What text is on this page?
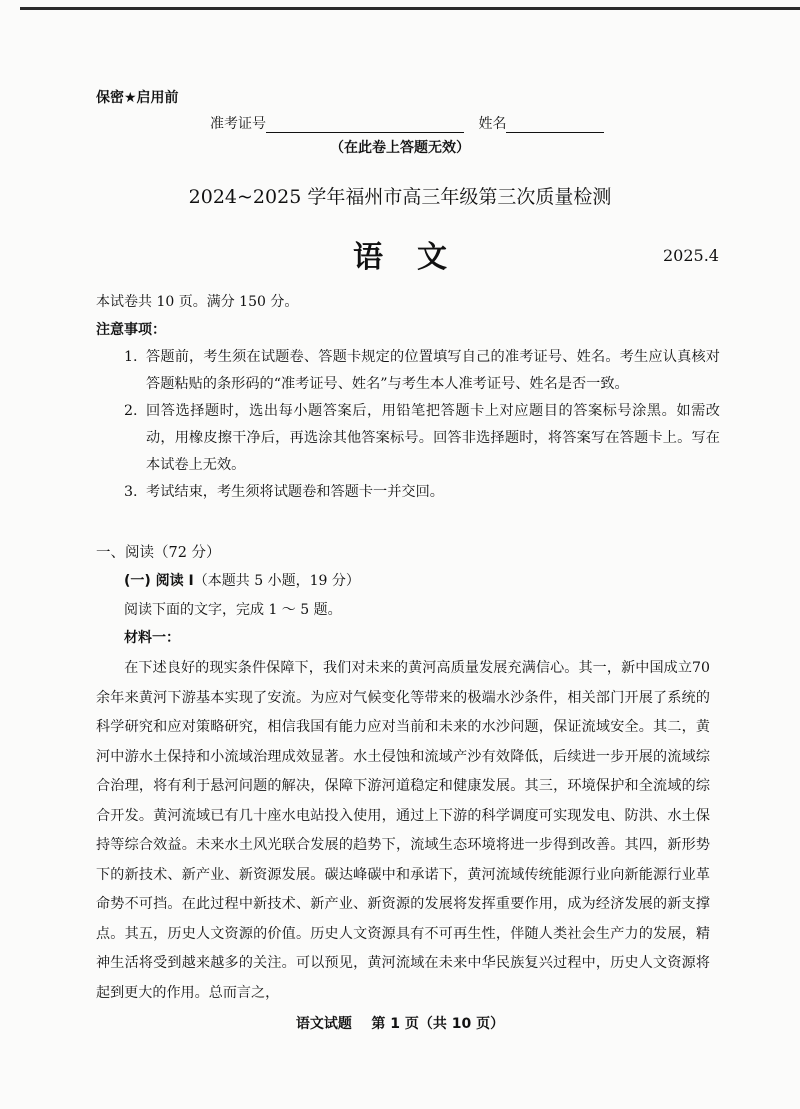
保密★启用前
准考证号	姓名
（在此卷上答题无效）
2024~2025 学年福州市高三年级第三次质量检测
语文	2025.4
本试卷共 10 页。满分 150 分。
注意事项：
1. 答题前，考生须在试题卷、答题卡规定的位置填写自己的准考证号、姓名。考生应认真核对答题粘贴的条形码的“准考证号、姓名”与考生本人准考证号、姓名是否一致。
2. 回答选择题时，选出每小题答案后，用铅笔把答题卡上对应题目的答案标号涂黑。如需改动，用橡皮擦干净后，再选涂其他答案标号。回答非选择题时，将答案写在答题卡上。写在本试卷上无效。
3. 考试结束，考生须将试题卷和答题卡一并交回。
一、阅读（72 分）
(一) 阅读 I（本题共 5 小题，19 分）
阅读下面的文字，完成 1 ～ 5 题。
材料一：
在下述良好的现实条件保障下，我们对未来的黄河高质量发展充满信心。其一，新中国成立70余年来黄河下游基本实现了安流。为应对气候变化等带来的极端水沙条件，相关部门开展了系统的科学研究和应对策略研究，相信我国有能力应对当前和未来的水沙问题，保证流域安全。其二，黄河中游水土保持和小流域治理成效显著。水土侵蚀和流域产沙有效降低，后续进一步开展的流域综合治理，将有利于悬河问题的解决，保障下游河道稳定和健康发展。其三，环境保护和全流域的综合开发。黄河流域已有几十座水电站投入使用，通过上下游的科学调度可实现发电、防洪、水土保持等综合效益。未来水土风光联合发展的趋势下，流域生态环境将进一步得到改善。其四，新形势下的新技术、新产业、新资源发展。碳达峰碳中和承诺下，黄河流域传统能源行业向新能源行业革命势不可挡。在此过程中新技术、新产业、新资源的发展将发挥重要作用，成为经济发展的新支撑点。其五，历史人文资源的价值。历史人文资源具有不可再生性，伴随人类社会生产力的发展，精神生活将受到越来越多的关注。可以预见，黄河流域在未来中华民族复兴过程中，历史人文资源将起到更大的作用。总而言之，
语文试题    第 1 页（共 10 页）
